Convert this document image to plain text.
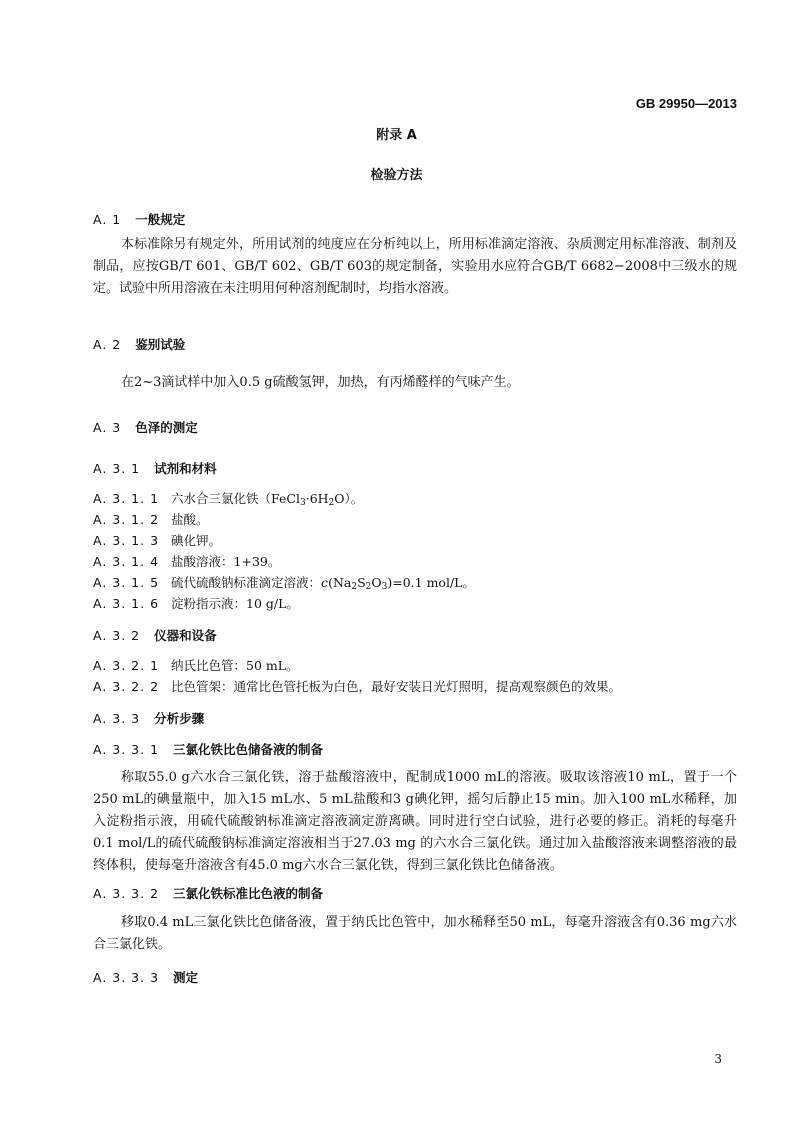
GB 29950—2013
附录 A
检验方法
A. 1 一般规定
本标准除另有规定外，所用试剂的纯度应在分析纯以上，所用标准滴定溶液、杂质测定用标准溶液、制剂及制品，应按GB/T 601、GB/T 602、GB/T 603的规定制备，实验用水应符合GB/T 6682−2008中三级水的规定。试验中所用溶液在未注明用何种溶剂配制时，均指水溶液。
A. 2 鉴别试验
在2~3滴试样中加入0.5 g硫酸氢钾，加热，有丙烯醛样的气味产生。
A. 3 色泽的测定
A. 3. 1 试剂和材料
A. 3. 1. 1 六水合三氯化铁$(FeCl_3\cdot 6H_2O)$。
A. 3. 1. 2 盐酸。
A. 3. 1. 3 碘化钾。
A. 3. 1. 4 盐酸溶液：1+39。
A. 3. 1. 5 硫代硫酸钠标准滴定溶液：$c(Na_2S_2O_3)=0.1$ mol/L。
A. 3. 1. 6 淀粉指示液：10 g/L。
A. 3. 2 仪器和设备
A. 3. 2. 1 纳氏比色管：50 mL。
A. 3. 2. 2 比色管架：通常比色管托板为白色，最好安装日光灯照明，提高观察颜色的效果。
A. 3. 3 分析步骤
A. 3. 3. 1 三氯化铁比色储备液的制备
称取55.0 g六水合三氯化铁，溶于盐酸溶液中，配制成1000 mL的溶液。吸取该溶液10 mL，置于一个250 mL的碘量瓶中，加入15 mL水、5 mL盐酸和3 g碘化钾，摇匀后静止15 min。加入100 mL水稀释，加入淀粉指示液，用硫代硫酸钠标准滴定溶液滴定游离碘。同时进行空白试验，进行必要的修正。消耗的每毫升0.1 mol/L的硫代硫酸钠标准滴定溶液相当于27.03 mg 的六水合三氯化铁。通过加入盐酸溶液来调整溶液的最终体积，使每毫升溶液含有45.0 mg六水合三氯化铁，得到三氯化铁比色储备液。
A. 3. 3. 2 三氯化铁标准比色液的制备
移取0.4 mL三氯化铁比色储备液，置于纳氏比色管中，加水稀释至50 mL，每毫升溶液含有0.36 mg六水合三氯化铁。
A. 3. 3. 3 测定
3
